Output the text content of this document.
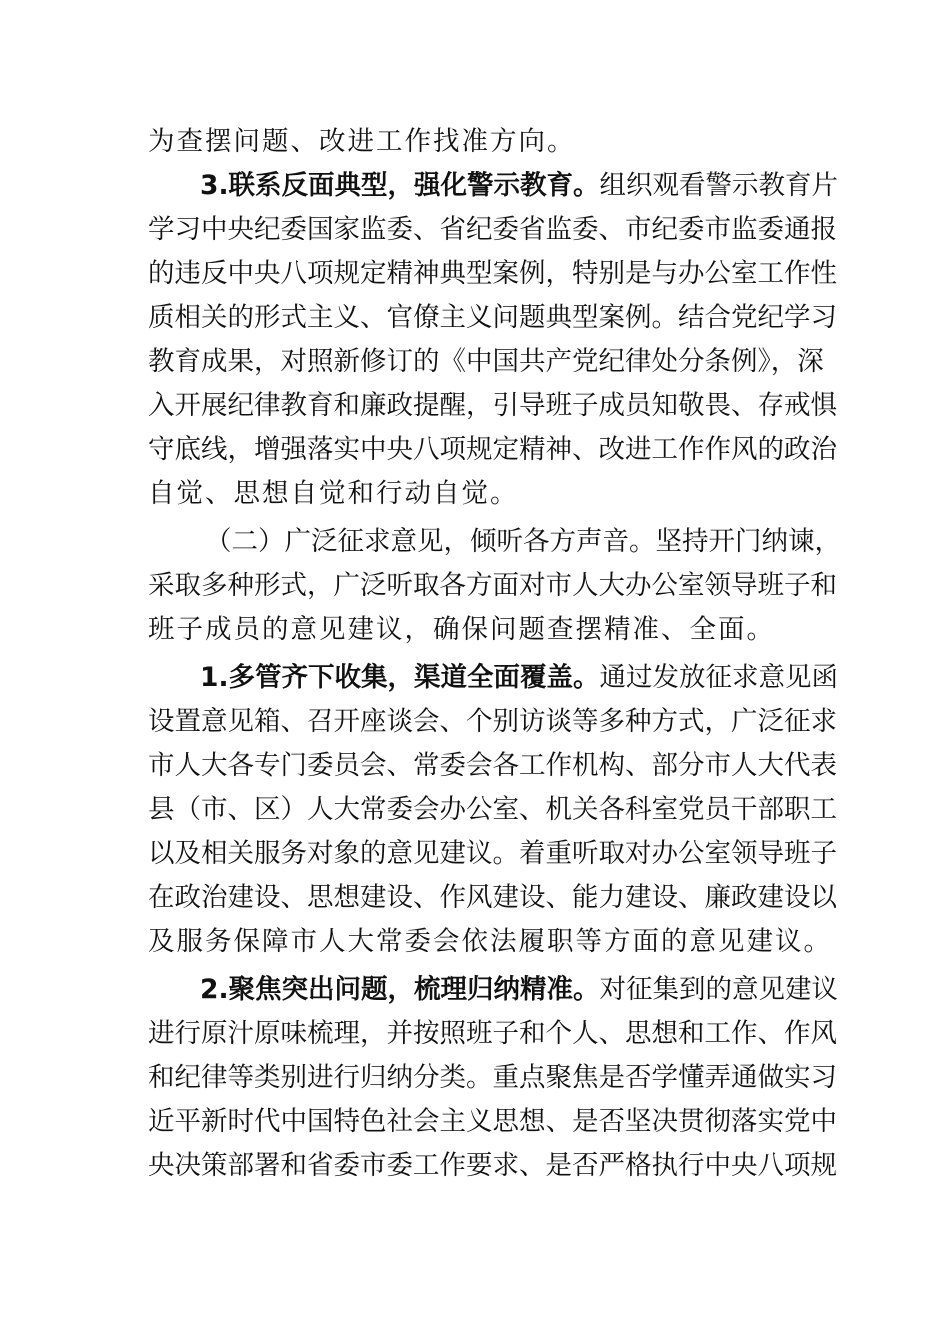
为查摆问题、改进工作找准方向。
3.联系反面典型，强化警示教育。组织观看警示教育片
学习中央纪委国家监委、省纪委省监委、市纪委市监委通报
的违反中央八项规定精神典型案例，特别是与办公室工作性
质相关的形式主义、官僚主义问题典型案例。结合党纪学习
教育成果，对照新修订的《中国共产党纪律处分条例》，深
入开展纪律教育和廉政提醒，引导班子成员知敬畏、存戒惧
守底线，增强落实中央八项规定精神、改进工作作风的政治
自觉、思想自觉和行动自觉。
（二）广泛征求意见，倾听各方声音。坚持开门纳谏，
采取多种形式，广泛听取各方面对市人大办公室领导班子和
班子成员的意见建议，确保问题查摆精准、全面。
1.多管齐下收集，渠道全面覆盖。通过发放征求意见函
设置意见箱、召开座谈会、个别访谈等多种方式，广泛征求
市人大各专门委员会、常委会各工作机构、部分市人大代表
县（市、区）人大常委会办公室、机关各科室党员干部职工
以及相关服务对象的意见建议。着重听取对办公室领导班子
在政治建设、思想建设、作风建设、能力建设、廉政建设以
及服务保障市人大常委会依法履职等方面的意见建议。
2.聚焦突出问题，梳理归纳精准。对征集到的意见建议
进行原汁原味梳理，并按照班子和个人、思想和工作、作风
和纪律等类别进行归纳分类。重点聚焦是否学懂弄通做实习
近平新时代中国特色社会主义思想、是否坚决贯彻落实党中
央决策部署和省委市委工作要求、是否严格执行中央八项规
